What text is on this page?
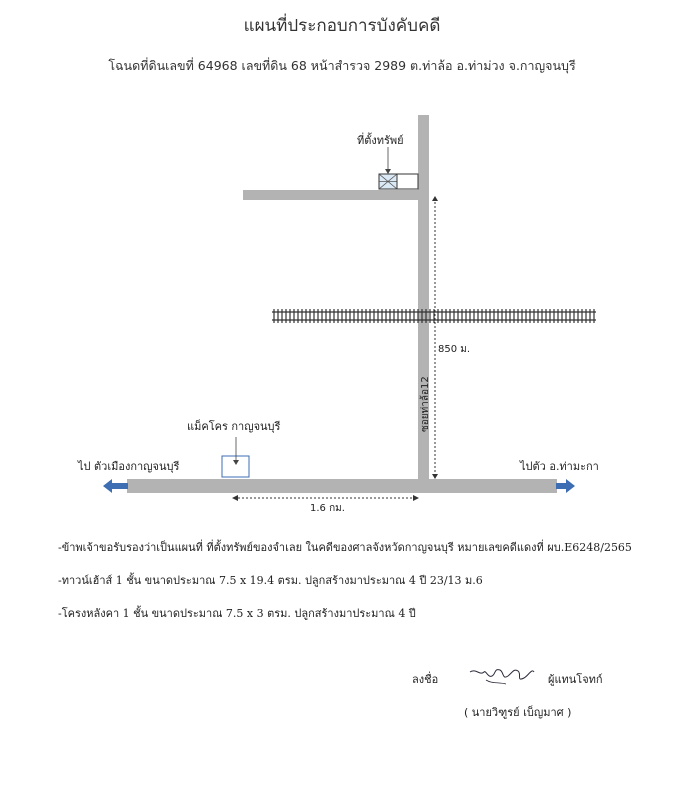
แผนที่ประกอบการบังคับคดี
โฉนดที่ดินเลขที่ 64968 เลขที่ดิน 68 หน้าสำรวจ 2989 ต.ท่าล้อ อ.ท่าม่วง จ.กาญจนบุรี
ที่ตั้งทรัพย์
850 ม.
ซอยท่าล้อ12
แม็คโคร กาญจนบุรี
ไป ตัวเมืองกาญจนบุรี	ไปตัว อ.ท่ามะกา
1.6 กม.
-ข้าพเจ้าขอรับรองว่าเป็นแผนที่ ที่ตั้งทรัพย์ของจำเลย ในคดีของศาลจังหวัดกาญจนบุรี หมายเลขคดีแดงที่ ผบ.E6248/2565
-ทาวน์เฮ้าส์ 1 ชั้น ขนาดประมาณ 7.5 x 19.4 ตรม. ปลูกสร้างมาประมาณ 4 ปี 23/13 ม.6
-โครงหลังคา 1 ชั้น ขนาดประมาณ 7.5 x 3 ตรม. ปลูกสร้างมาประมาณ 4 ปี
ลงชื่อ	ผู้แทนโจทก์
( นายวิฑูรย์ เบ็ญมาศ )
